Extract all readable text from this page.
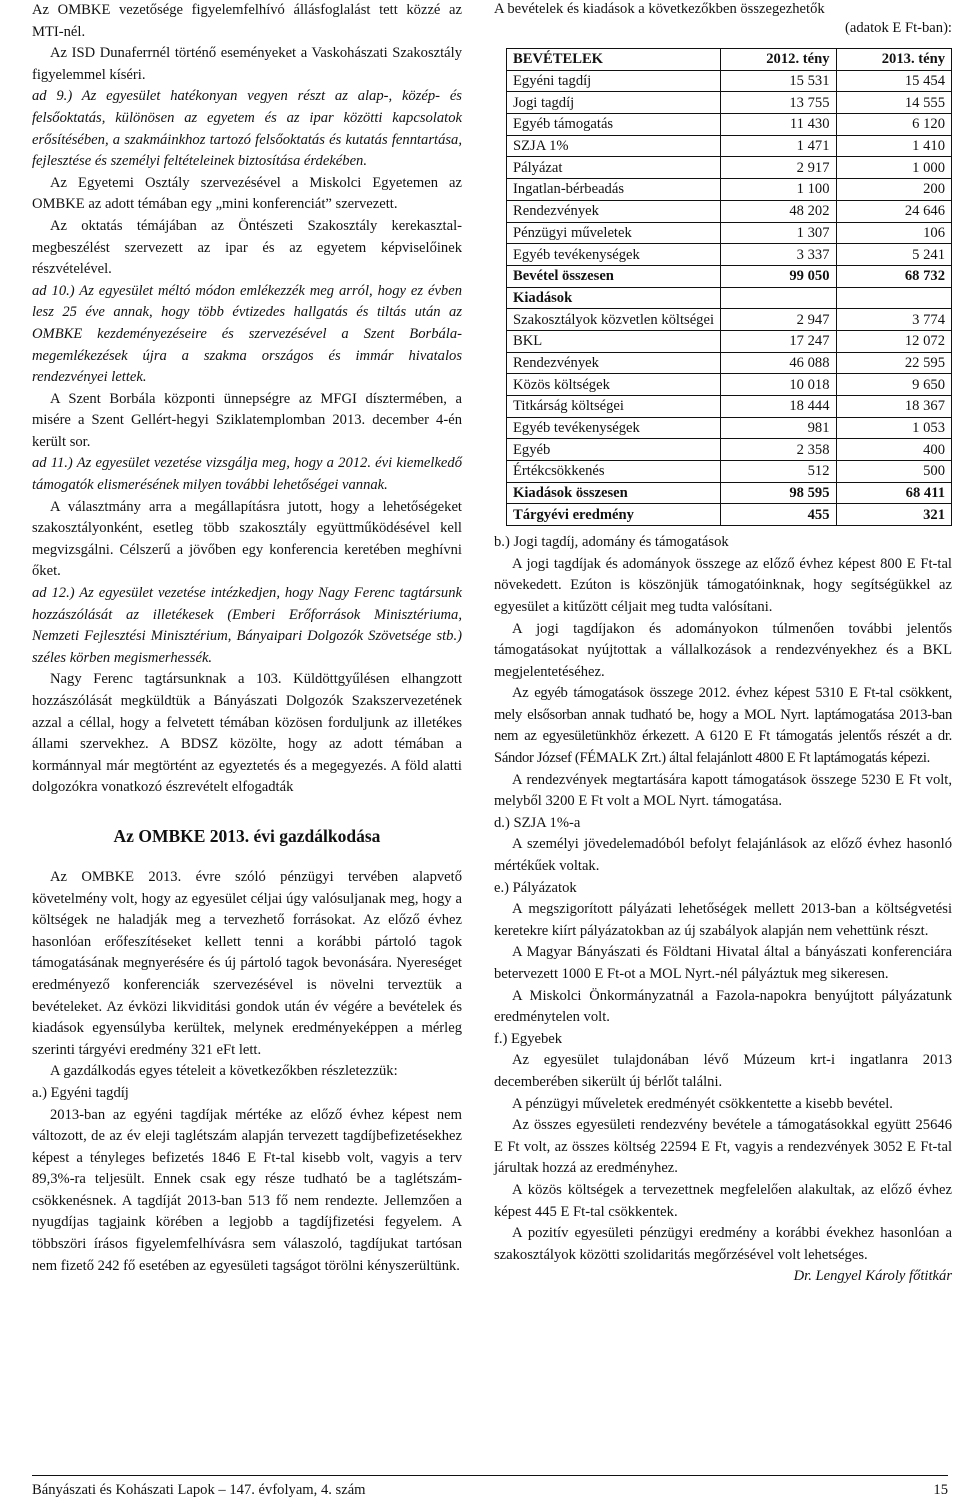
Az OMBKE vezetősége figyelemfelhívó állásfoglalást tett közzé az MTI-nél.

Az ISD Dunaferrnél történő eseményeket a Vaskohászati Szakosztály figyelemmel kíséri.

ad 9.) Az egyesület hatékonyan vegyen részt az alap-, közép- és felsőoktatás, különösen az egyetem és az ipar közötti kapcsolatok erősítésében, a szakmáinkhoz tartozó felsőoktatás és kutatás fenntartása, fejlesztése és személyi feltételeinek biztosítása érdekében.

Az Egyetemi Osztály szervezésével a Miskolci Egyetemen az OMBKE az adott témában egy „mini konferenciát” szervezett.

Az oktatás témájában az Öntészeti Szakosztály kerekasztal-megbeszélést szervezett az ipar és az egyetem képviselőinek részvételével.

ad 10.) Az egyesület méltó módon emlékezzék meg arról, hogy ez évben lesz 25 éve annak, hogy több évtizedes hallgatás és tiltás után az OMBKE kezdeményezéseire és szervezésével a Szent Borbála-megemlékezések újra a szakma országos és immár hivatalos rendezvényei lettek.

A Szent Borbála központi ünnepségre az MFGI dísztermében, a misére a Szent Gellért-hegyi Sziklatemplomban 2013. december 4-én került sor.

ad 11.) Az egyesület vezetése vizsgálja meg, hogy a 2012. évi kiemelkedő támogatók elismerésének milyen további lehetőségei vannak.

A választmány arra a megállapításra jutott, hogy a lehetőségeket szakosztályonként, esetleg több szakosztály együttműködésével kell megvizsgálni. Célszerű a jövőben egy konferencia keretében meghívni őket.

ad 12.) Az egyesület vezetése intézkedjen, hogy Nagy Ferenc tagtársunk hozzászólását az illetékesek (Emberi Erőforrások Minisztériuma, Nemzeti Fejlesztési Minisztérium, Bányaipari Dolgozók Szövetsége stb.) széles körben megismerhessék.

Nagy Ferenc tagtársunknak a 103. Küldöttgyűlésen elhangzott hozzászólását megküldtük a Bányászati Dolgozók Szakszervezetének azzal a céllal, hogy a felvetett témában közösen forduljunk az illetékes állami szervekhez. A BDSZ közölte, hogy az adott témában a kormánnyal már megtörtént az egyeztetés és a megegyezés. A föld alatti dolgozókra vonatkozó észrevételt elfogadták

Az OMBKE 2013. évi gazdálkodása

Az OMBKE 2013. évre szóló pénzügyi tervében alapvető követelmény volt, hogy az egyesület céljai úgy valósuljanak meg, hogy a költségek ne haladják meg a tervezhető forrásokat. Az előző évhez hasonlóan erőfeszítéseket kellett tenni a korábbi pártoló tagok támogatásának megnyerésére és új pártoló tagok bevonására. Nyereséget eredményező konferenciák szervezésével is növelni terveztük a bevételeket. Az évközi likviditási gondok után év végére a bevételek és kiadások egyensúlyba kerültek, melynek eredményeképpen a mérleg szerinti tárgyévi eredmény 321 eFt lett.

A gazdálkodás egyes tételeit a következőkben részletezzük:

a.) Egyéni tagdíj

2013-ban az egyéni tagdíjak mértéke az előző évhez képest nem változott, de az év eleji taglétszám alapján tervezett tagdíjbefizetésekhez képest a tényleges befizetés 1846 E Ft-tal kisebb volt, vagyis a terv 89,3%-ra teljesült. Ennek csak egy része tudható be a taglétszám-csökkenésnek. A tagdíját 2013-ban 513 fő nem rendezte. Jellemzően a nyugdíjas tagjaink körében a legjobb a tagdíjfizetési fegyelem. A többszöri írásos figyelemfelhívásra sem válaszoló, tagdíjukat tartósan nem fizető 242 fő esetében az egyesületi tagságot törölni kényszerültünk.

A bevételek és kiadások a következőkben összegezhetők

(adatok E Ft-ban):

BEVÉTELEK	2012. tény	2013. tény
Egyéni tagdíj	15 531	15 454
Jogi tagdíj	13 755	14 555
Egyéb támogatás	11 430	6 120
SZJA 1%	1 471	1 410
Pályázat	2 917	1 000
Ingatlan-bérbeadás	1 100	200
Rendezvények	48 202	24 646
Pénzügyi műveletek	1 307	106
Egyéb tevékenységek	3 337	5 241
Bevétel összesen	99 050	68 732
Kiadások		
Szakosztályok közvetlen költségei	2 947	3 774
BKL	17 247	12 072
Rendezvények	46 088	22 595
Közös költségek	10 018	9 650
Titkárság költségei	18 444	18 367
Egyéb tevékenységek	981	1 053
Egyéb	2 358	400
Értékcsökkenés	512	500
Kiadások összesen	98 595	68 411
Tárgyévi eredmény	455	321

b.) Jogi tagdíj, adomány és támogatások

A jogi tagdíjak és adományok összege az előző évhez képest 800 E Ft-tal növekedett. Ezúton is köszönjük támogatóinknak, hogy segítségükkel az egyesület a kitűzött céljait meg tudta valósítani.

A jogi tagdíjakon és adományokon túlmenően további jelentős támogatásokat nyújtottak a vállalkozások a rendezvényekhez és a BKL megjelentetéséhez.

Az egyéb támogatások összege 2012. évhez képest 5310 E Ft-tal csökkent, mely elsősorban annak tudható be, hogy a MOL Nyrt. laptámogatása 2013-ban nem az egyesületünkhöz érkezett. A 6120 E Ft támogatás jelentős részét a dr. Sándor József (FÉMALK Zrt.) által felajánlott 4800 E Ft laptámogatás képezi.

A rendezvények megtartására kapott támogatások összege 5230 E Ft volt, melyből 3200 E Ft volt a MOL Nyrt. támogatása.

d.) SZJA 1%-a

A személyi jövedelemadóból befolyt felajánlások az előző évhez hasonló mértékűek voltak.

e.) Pályázatok

A megszigorított pályázati lehetőségek mellett 2013-ban a költségvetési keretekre kiírt pályázatokban az új szabályok alapján nem vehettünk részt.

A Magyar Bányászati és Földtani Hivatal által a bányászati konferenciára betervezett 1000 E Ft-ot a MOL Nyrt.-nél pályáztuk meg sikeresen.

A Miskolci Önkormányzatnál a Fazola-napokra benyújtott pályázatunk eredménytelen volt.

f.) Egyebek

Az egyesület tulajdonában lévő Múzeum krt-i ingatlanra 2013 decemberében sikerült új bérlőt találni.

A pénzügyi műveletek eredményét csökkentette a kisebb bevétel.

Az összes egyesületi rendezvény bevétele a támogatásokkal együtt 25646 E Ft volt, az összes költség 22594 E Ft, vagyis a rendezvények 3052 E Ft-tal járultak hozzá az eredményhez.

A közös költségek a tervezettnek megfelelően alakultak, az előző évhez képest 445 E Ft-tal csökkentek.

A pozitív egyesületi pénzügyi eredmény a korábbi évekhez hasonlóan a szakosztályok közötti szolidaritás megőrzésével volt lehetséges.

Dr. Lengyel Károly főtitkár

Bányászati és Kohászati Lapok – 147. évfolyam, 4. szám	15
